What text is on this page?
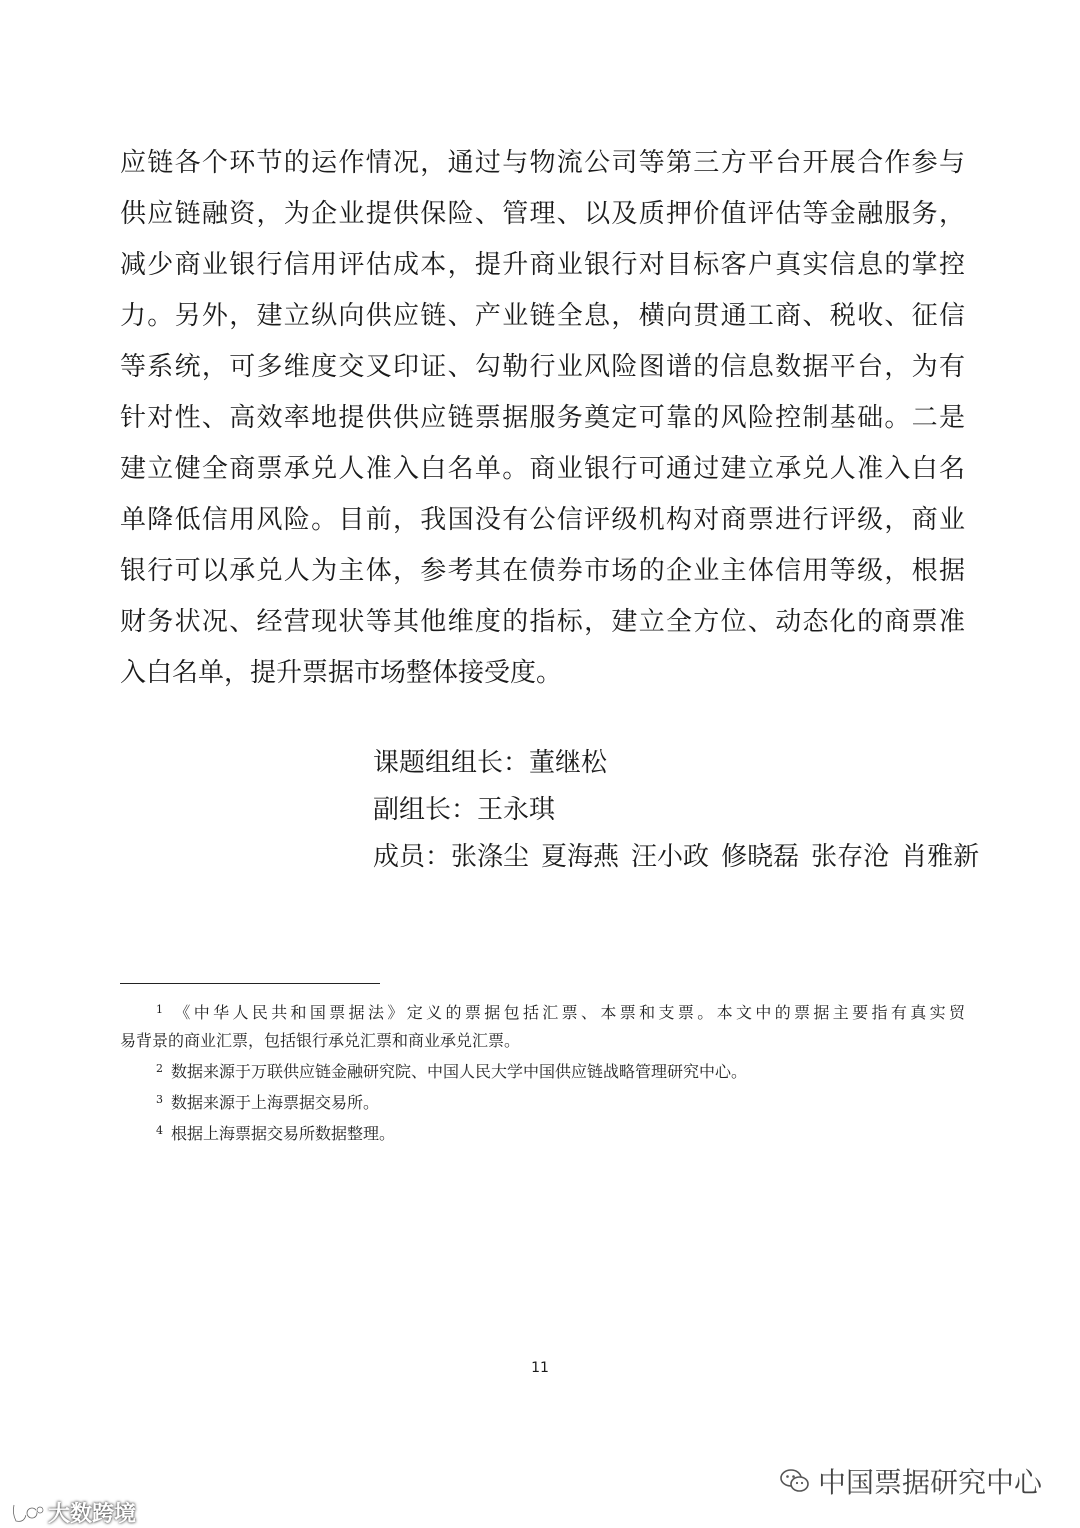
应链各个环节的运作情况，通过与物流公司等第三方平台开展合作参与
供应链融资，为企业提供保险、管理、以及质押价值评估等金融服务，
减少商业银行信用评估成本，提升商业银行对目标客户真实信息的掌控
力。另外，建立纵向供应链、产业链全息，横向贯通工商、税收、征信
等系统，可多维度交叉印证、勾勒行业风险图谱的信息数据平台，为有
针对性、高效率地提供供应链票据服务奠定可靠的风险控制基础。二是
建立健全商票承兑人准入白名单。商业银行可通过建立承兑人准入白名
单降低信用风险。目前，我国没有公信评级机构对商票进行评级，商业
银行可以承兑人为主体，参考其在债券市场的企业主体信用等级，根据
财务状况、经营现状等其他维度的指标，建立全方位、动态化的商票准
入白名单，提升票据市场整体接受度。
课题组组长：董继松
副组长：王永琪
成员：张涤尘 夏海燕 汪小政 修晓磊 张存沧 肖雅新
$^1$ 《中华人民共和国票据法》定义的票据包括汇票、本票和支票。本文中的票据主要指有真实贸
易背景的商业汇票，包括银行承兑汇票和商业承兑汇票。
$^2$ 数据来源于万联供应链金融研究院、中国人民大学中国供应链战略管理研究中心。
$^3$ 数据来源于上海票据交易所。
$^4$ 根据上海票据交易所数据整理。
11
中国票据研究中心
大数跨境
